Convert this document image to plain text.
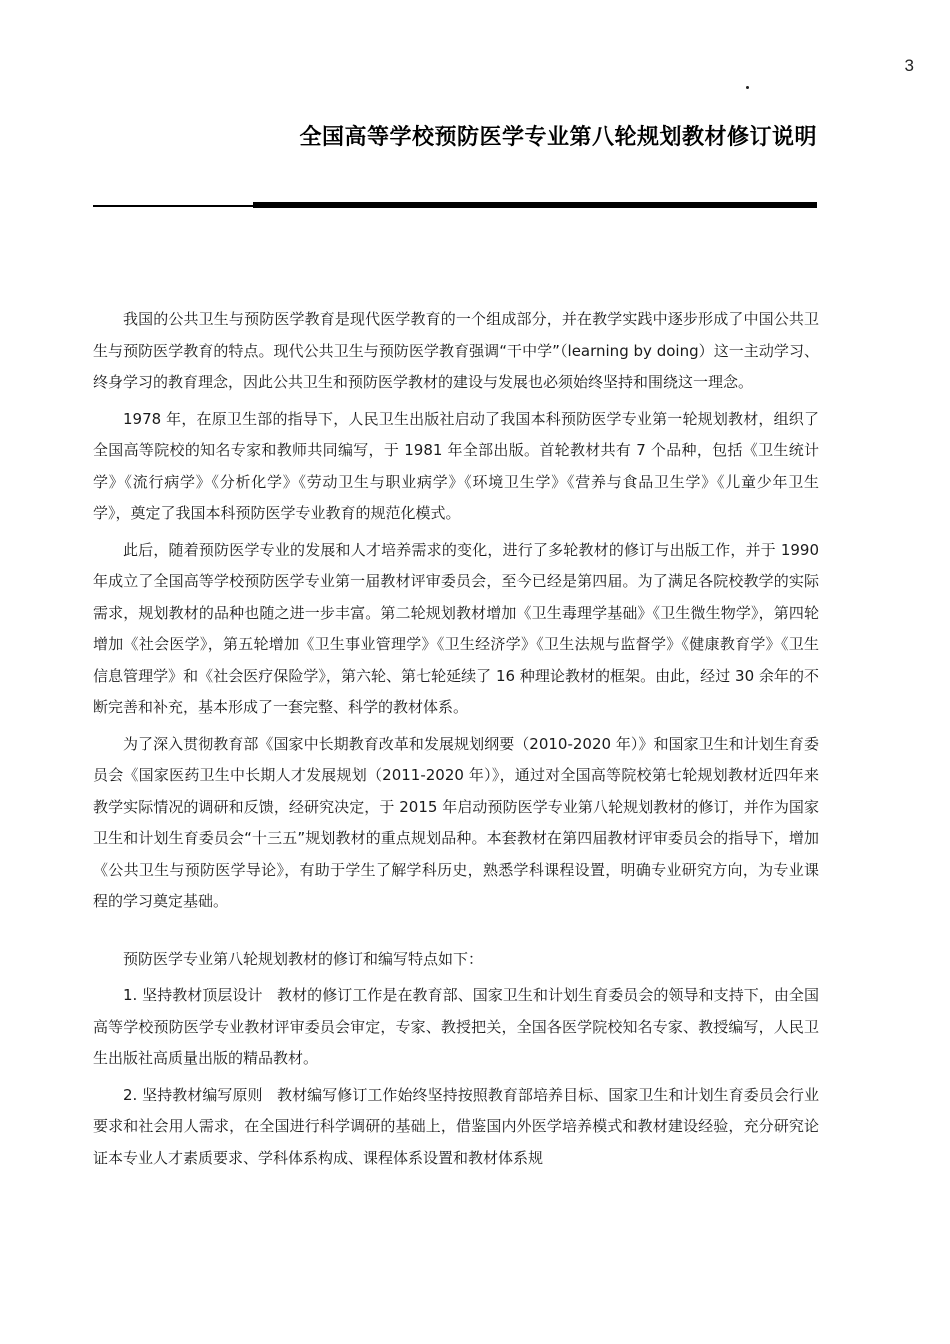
3
全国高等学校预防医学专业第八轮规划教材修订说明

我国的公共卫生与预防医学教育是现代医学教育的一个组成部分，并在教学实践中逐步形成了中国公共卫生与预防医学教育的特点。现代公共卫生与预防医学教育强调“干中学”（learning by doing）这一主动学习、终身学习的教育理念，因此公共卫生和预防医学教材的建设与发展也必须始终坚持和围绕这一理念。

1978 年，在原卫生部的指导下，人民卫生出版社启动了我国本科预防医学专业第一轮规划教材，组织了全国高等院校的知名专家和教师共同编写，于 1981 年全部出版。首轮教材共有 7 个品种，包括《卫生统计学》《流行病学》《分析化学》《劳动卫生与职业病学》《环境卫生学》《营养与食品卫生学》《儿童少年卫生学》，奠定了我国本科预防医学专业教育的规范化模式。

此后，随着预防医学专业的发展和人才培养需求的变化，进行了多轮教材的修订与出版工作，并于 1990 年成立了全国高等学校预防医学专业第一届教材评审委员会，至今已经是第四届。为了满足各院校教学的实际需求，规划教材的品种也随之进一步丰富。第二轮规划教材增加《卫生毒理学基础》《卫生微生物学》，第四轮增加《社会医学》，第五轮增加《卫生事业管理学》《卫生经济学》《卫生法规与监督学》《健康教育学》《卫生信息管理学》和《社会医疗保险学》，第六轮、第七轮延续了 16 种理论教材的框架。由此，经过 30 余年的不断完善和补充，基本形成了一套完整、科学的教材体系。

为了深入贯彻教育部《国家中长期教育改革和发展规划纲要（2010-2020 年）》和国家卫生和计划生育委员会《国家医药卫生中长期人才发展规划（2011-2020 年）》，通过对全国高等院校第七轮规划教材近四年来教学实际情况的调研和反馈，经研究决定，于 2015 年启动预防医学专业第八轮规划教材的修订，并作为国家卫生和计划生育委员会“十三五”规划教材的重点规划品种。本套教材在第四届教材评审委员会的指导下，增加《公共卫生与预防医学导论》，有助于学生了解学科历史，熟悉学科课程设置，明确专业研究方向，为专业课程的学习奠定基础。

预防医学专业第八轮规划教材的修订和编写特点如下：

1. 坚持教材顶层设计 教材的修订工作是在教育部、国家卫生和计划生育委员会的领导和支持下，由全国高等学校预防医学专业教材评审委员会审定，专家、教授把关，全国各医学院校知名专家、教授编写，人民卫生出版社高质量出版的精品教材。

2. 坚持教材编写原则 教材编写修订工作始终坚持按照教育部培养目标、国家卫生和计划生育委员会行业要求和社会用人需求，在全国进行科学调研的基础上，借鉴国内外医学培养模式和教材建设经验，充分研究论证本专业人才素质要求、学科体系构成、课程体系设置和教材体系规
